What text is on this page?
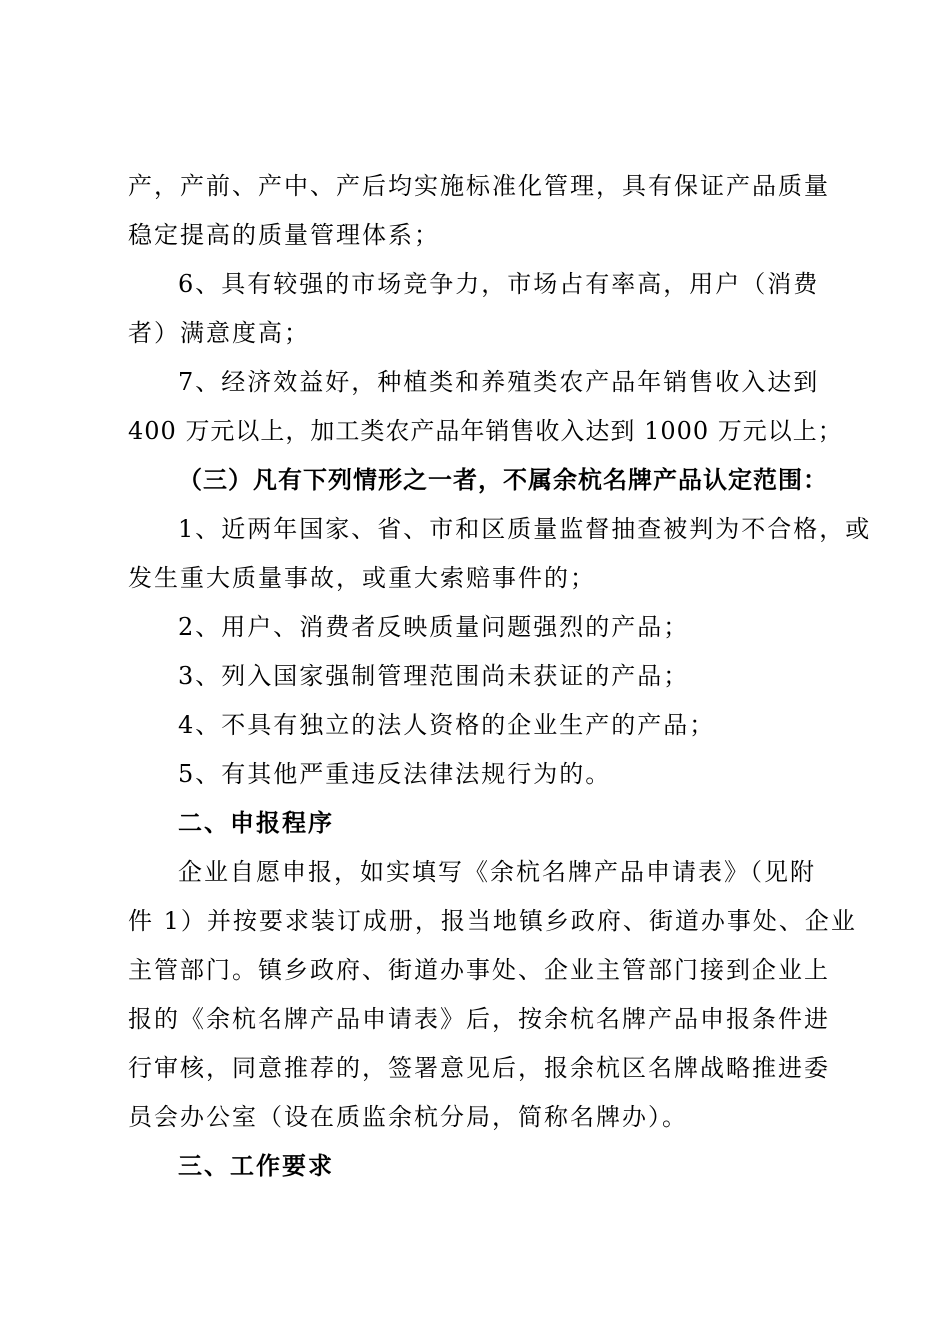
产，产前、产中、产后均实施标准化管理，具有保证产品质量
稳定提高的质量管理体系；
6、具有较强的市场竞争力，市场占有率高，用户（消费
者）满意度高；
7、经济效益好，种植类和养殖类农产品年销售收入达到
400 万元以上，加工类农产品年销售收入达到 1000 万元以上；
（三）凡有下列情形之一者，不属余杭名牌产品认定范围：
1、近两年国家、省、市和区质量监督抽查被判为不合格，或
发生重大质量事故，或重大索赔事件的；
2、用户、消费者反映质量问题强烈的产品；
3、列入国家强制管理范围尚未获证的产品；
4、不具有独立的法人资格的企业生产的产品；
5、有其他严重违反法律法规行为的。
二、申报程序
企业自愿申报，如实填写《余杭名牌产品申请表》（见附
件 1）并按要求装订成册，报当地镇乡政府、街道办事处、企业
主管部门。镇乡政府、街道办事处、企业主管部门接到企业上
报的《余杭名牌产品申请表》后，按余杭名牌产品申报条件进
行审核，同意推荐的，签署意见后，报余杭区名牌战略推进委
员会办公室（设在质监余杭分局，简称名牌办）。
三、工作要求
